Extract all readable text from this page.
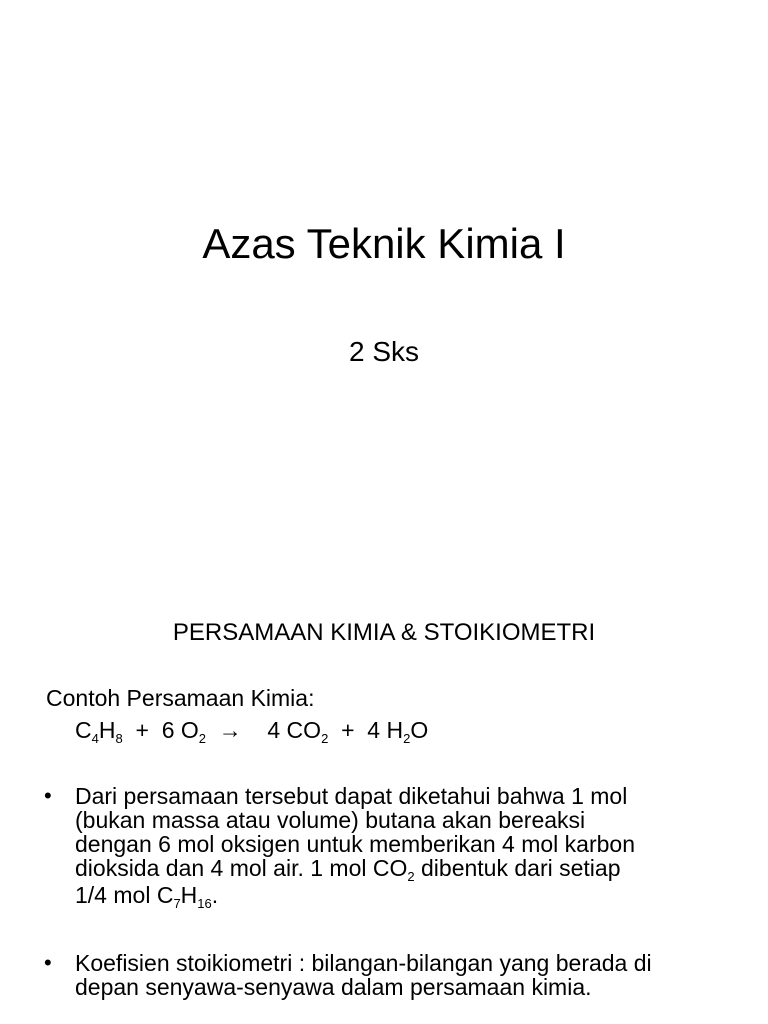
Azas Teknik Kimia I
2 Sks
PERSAMAAN KIMIA & STOIKIOMETRI
Contoh Persamaan Kimia:
$C_4H_8 + 6$ $O_2$  →    4 $CO_2 + 4$ $H_2O$
• Dari persamaan tersebut dapat diketahui bahwa 1 mol
(bukan massa atau volume) butana akan bereaksi
dengan 6 mol oksigen untuk memberikan 4 mol karbon
dioksida dan 4 mol air. 1 mol $CO_2$ dibentuk dari setiap
1/4 mol $C_7H_{16}$.
• Koefisien stoikiometri : bilangan-bilangan yang berada di
depan senyawa-senyawa dalam persamaan kimia.
